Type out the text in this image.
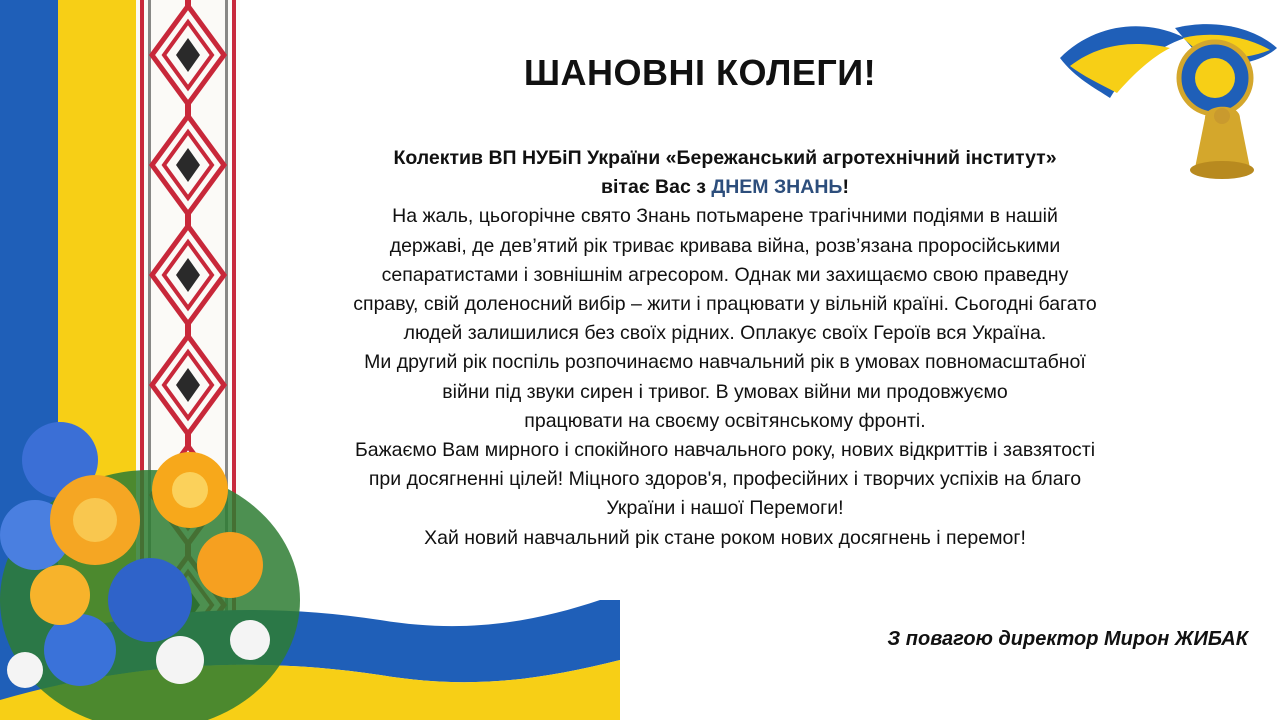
ШАНОВНІ КОЛЕГИ!

Колектив ВП НУБіП України «Бережанський агротехнічний інститут»

вітає Вас з ДНЕМ ЗНАНЬ!

На жаль, цьогорічне свято Знань потьмарене трагічними подіями в нашій

державі, де дев’ятий рік триває кривава війна, розв’язана проросійськими

сепаратистами і зовнішнім агресором. Однак ми захищаємо свою праведну

справу, свій доленосний вибір – жити і працювати у вільній країні. Сьогодні багато

людей залишилися без своїх рідних. Оплакує своїх Героїв вся Україна.

Ми другий рік поспіль розпочинаємо навчальний рік в умовах повномасштабної

війни під звуки сирен і тривог. В умовах війни ми продовжуємо

працювати на своєму освітянському фронті.

Бажаємо Вам мирного і спокійного навчального року, нових відкриттів і завзятості

при досягненні цілей! Міцного здоров'я, професійних і творчих успіхів на благо

України і нашої Перемоги!

Хай новий навчальний рік стане роком нових досягнень і перемог!

З повагою директор Мирон ЖИБАК
